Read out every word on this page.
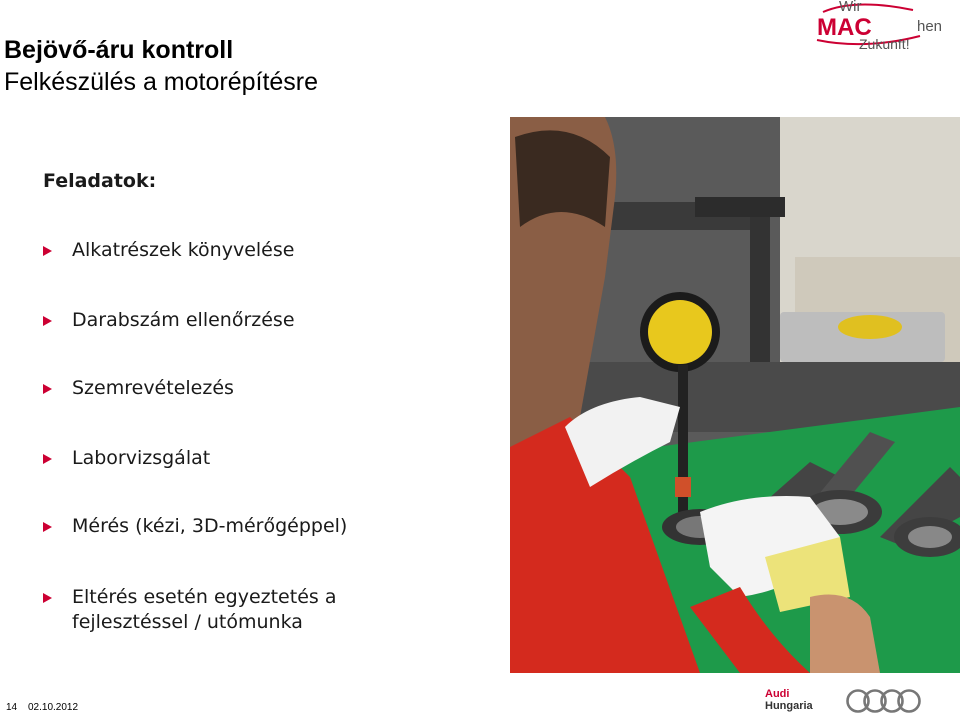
Bejövő-áru kontroll
Felkészülés a motorépítésre
MAC
Wir
hen
Zukunft!
Feladatok:
Alkatrészek könyvelése
Darabszám ellenőrzése
Szemrevételezés
Laborvizsgálat
Mérés (kézi, 3D-mérőgéppel)
Eltérés esetén egyeztetés a
fejlesztéssel / utómunka
14 02.10.2012
Audi
Hungaria
